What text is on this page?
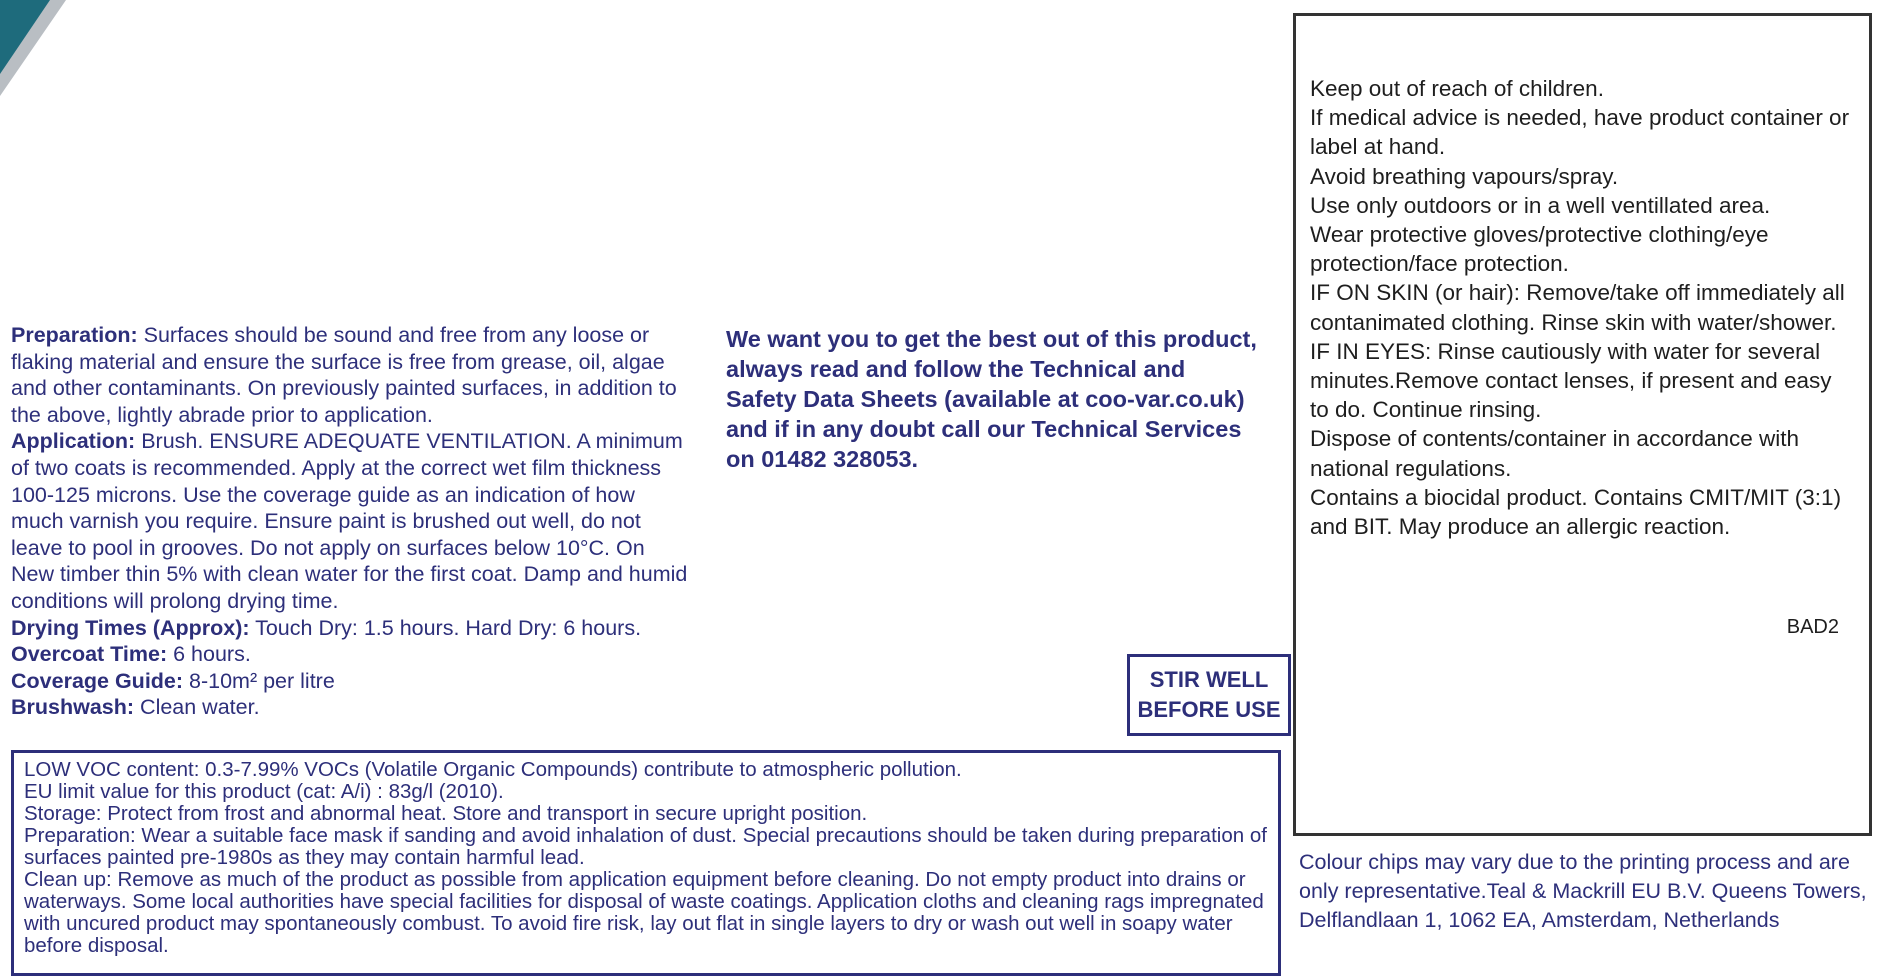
Preparation: Surfaces should be sound and free from any loose or flaking material and ensure the surface is free from grease, oil, algae and other contaminants. On previously painted surfaces, in addition to the above, lightly abrade prior to application.

Application: Brush. ENSURE ADEQUATE VENTILATION. A minimum of two coats is recommended. Apply at the correct wet film thickness 100-125 microns. Use the coverage guide as an indication of how much varnish you require. Ensure paint is brushed out well, do not leave to pool in grooves. Do not apply on surfaces below 10°C. On New timber thin 5% with clean water for the first coat. Damp and humid conditions will prolong drying time.

Drying Times (Approx): Touch Dry: 1.5 hours. Hard Dry: 6 hours.

Overcoat Time: 6 hours.

Coverage Guide: 8-10m² per litre

Brushwash: Clean water.

We want you to get the best out of this product,
always read and follow the Technical and
Safety Data Sheets (available at coo-var.co.uk)
and if in any doubt call our Technical Services
on 01482 328053.
STIR WELL
BEFORE USE

LOW VOC content: 0.3-7.99% VOCs (Volatile Organic Compounds) contribute to atmospheric pollution.

EU limit value for this product (cat: A/i) : 83g/l (2010).

Storage: Protect from frost and abnormal heat. Store and transport in secure upright position.

Preparation: Wear a suitable face mask if sanding and avoid inhalation of dust. Special precautions should be taken during preparation of surfaces painted pre-1980s as they may contain harmful lead.

Clean up: Remove as much of the product as possible from application equipment before cleaning. Do not empty product into drains or waterways. Some local authorities have special facilities for disposal of waste coatings. Application cloths and cleaning rags impregnated with uncured product may spontaneously combust. To avoid fire risk, lay out flat in single layers to dry or wash out well in soapy water before disposal.

Keep out of reach of children.

If medical advice is needed, have product container or label at hand.

Avoid breathing vapours/spray.

Use only outdoors or in a well ventillated area.

Wear protective gloves/protective clothing/eye protection/face protection.

IF ON SKIN (or hair): Remove/take off immediately all contanimated clothing. Rinse skin with water/shower.

IF IN EYES: Rinse cautiously with water for several minutes.Remove contact lenses, if present and easy to do. Continue rinsing.

Dispose of contents/container in accordance with national regulations.

Contains a biocidal product. Contains CMIT/MIT (3:1) and BIT. May produce an allergic reaction.

BAD2
Colour chips may vary due to the printing process and are
only representative.Teal & Mackrill EU B.V. Queens Towers,
Delflandlaan 1, 1062 EA, Amsterdam, Netherlands
